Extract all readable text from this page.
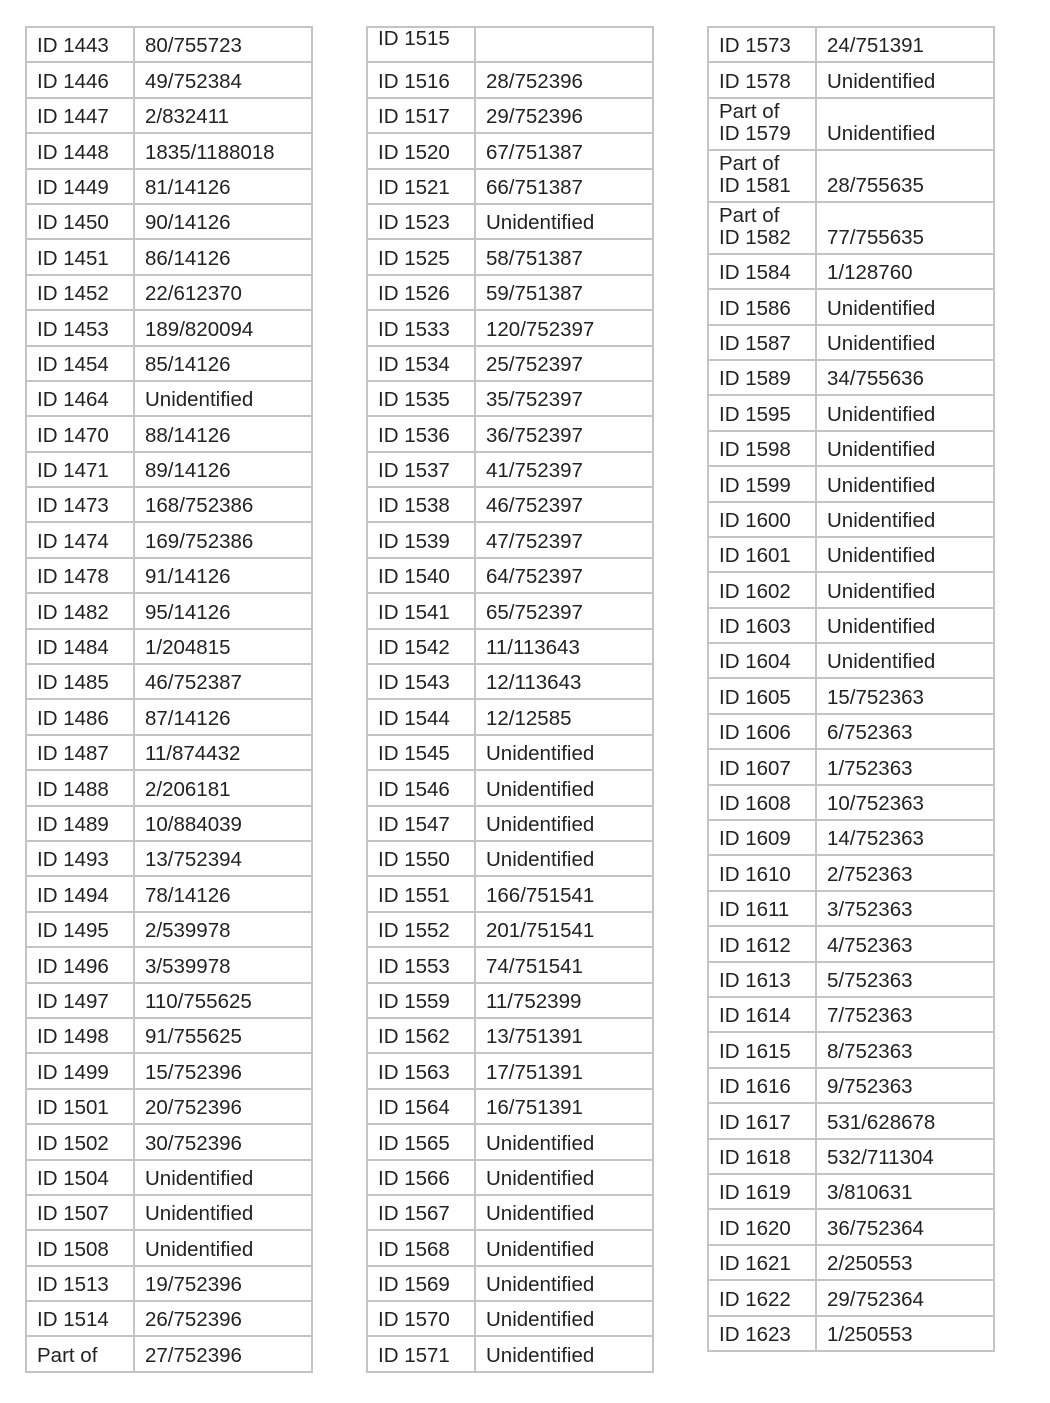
ID 1443	80/755723
ID 1446	49/752384
ID 1447	2/832411
ID 1448	1835/1188018
ID 1449	81/14126
ID 1450	90/14126
ID 1451	86/14126
ID 1452	22/612370
ID 1453	189/820094
ID 1454	85/14126
ID 1464	Unidentified
ID 1470	88/14126
ID 1471	89/14126
ID 1473	168/752386
ID 1474	169/752386
ID 1478	91/14126
ID 1482	95/14126
ID 1484	1/204815
ID 1485	46/752387
ID 1486	87/14126
ID 1487	11/874432
ID 1488	2/206181
ID 1489	10/884039
ID 1493	13/752394
ID 1494	78/14126
ID 1495	2/539978
ID 1496	3/539978
ID 1497	110/755625
ID 1498	91/755625
ID 1499	15/752396
ID 1501	20/752396
ID 1502	30/752396
ID 1504	Unidentified
ID 1507	Unidentified
ID 1508	Unidentified
ID 1513	19/752396
ID 1514	26/752396
Part of	27/752396
ID 1515	
ID 1516	28/752396
ID 1517	29/752396
ID 1520	67/751387
ID 1521	66/751387
ID 1523	Unidentified
ID 1525	58/751387
ID 1526	59/751387
ID 1533	120/752397
ID 1534	25/752397
ID 1535	35/752397
ID 1536	36/752397
ID 1537	41/752397
ID 1538	46/752397
ID 1539	47/752397
ID 1540	64/752397
ID 1541	65/752397
ID 1542	11/113643
ID 1543	12/113643
ID 1544	12/12585
ID 1545	Unidentified
ID 1546	Unidentified
ID 1547	Unidentified
ID 1550	Unidentified
ID 1551	166/751541
ID 1552	201/751541
ID 1553	74/751541
ID 1559	11/752399
ID 1562	13/751391
ID 1563	17/751391
ID 1564	16/751391
ID 1565	Unidentified
ID 1566	Unidentified
ID 1567	Unidentified
ID 1568	Unidentified
ID 1569	Unidentified
ID 1570	Unidentified
ID 1571	Unidentified
ID 1573	24/751391
ID 1578	Unidentified
Part of
ID 1579	Unidentified
Part of
ID 1581	28/755635
Part of
ID 1582	77/755635
ID 1584	1/128760
ID 1586	Unidentified
ID 1587	Unidentified
ID 1589	34/755636
ID 1595	Unidentified
ID 1598	Unidentified
ID 1599	Unidentified
ID 1600	Unidentified
ID 1601	Unidentified
ID 1602	Unidentified
ID 1603	Unidentified
ID 1604	Unidentified
ID 1605	15/752363
ID 1606	6/752363
ID 1607	1/752363
ID 1608	10/752363
ID 1609	14/752363
ID 1610	2/752363
ID 1611	3/752363
ID 1612	4/752363
ID 1613	5/752363
ID 1614	7/752363
ID 1615	8/752363
ID 1616	9/752363
ID 1617	531/628678
ID 1618	532/711304
ID 1619	3/810631
ID 1620	36/752364
ID 1621	2/250553
ID 1622	29/752364
ID 1623	1/250553
